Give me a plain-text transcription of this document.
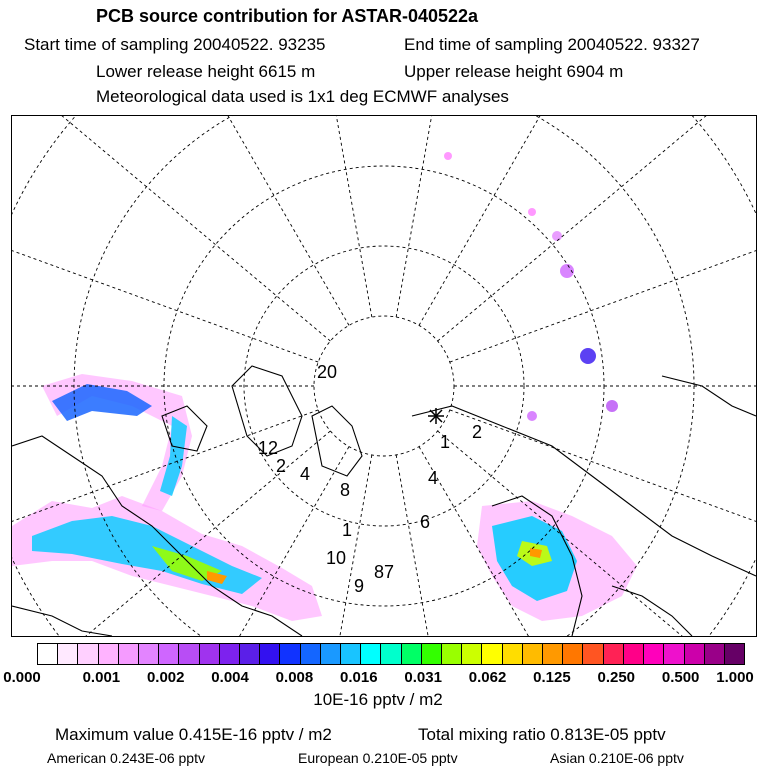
PCB source contribution for ASTAR-040522a
Start time of sampling 20040522. 93235	End time of sampling 20040522. 93327
Lower release height 6615 m	Upper release height 6904 m
Meteorological data used is 1x1 deg ECMWF analyses
20
1 2
4
6
8
10
9
87
12
2 4
1
0.000	0.001 0.002 0.004 0.008 0.016 0.031 0.062 0.125 0.250 0.500 1.000
10E-16 pptv / m2
Maximum value 0.415E-16 pptv / m2	Total mixing ratio 0.813E-05 pptv
American 0.243E-06 pptv	European 0.210E-05 pptv	Asian 0.210E-06 pptv
